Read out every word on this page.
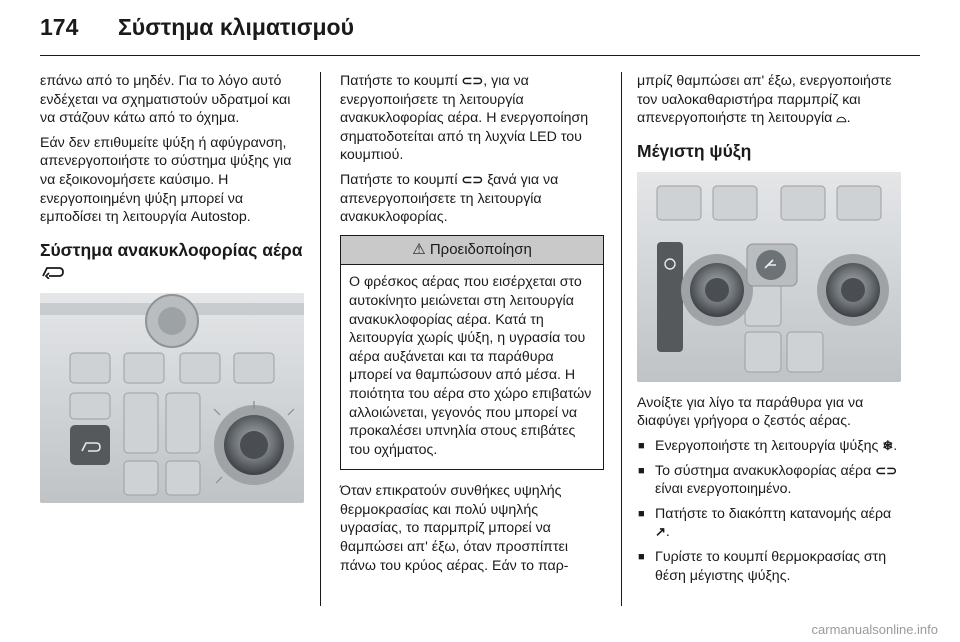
174 Σύστημα κλιματισμού

επάνω από το μηδέν. Για το λόγο αυτό ενδέχεται να σχηματιστούν υδρατμοί και να στάζουν κάτω από το όχημα.

Εάν δεν επιθυμείτε ψύξη ή αφύγρανση, απενεργοποιήστε το σύστημα ψύξης για να εξοικονομήσετε καύσιμο. Η ενεργοποιημένη ψύξη μπορεί να εμποδίσει τη λειτουργία Autostop.

Σύστημα ανακυκλοφορίας αέρα

Πατήστε το κουμπί ⊂⊃, για να ενεργοποιήσετε τη λειτουργία ανακυκλοφορίας αέρα. Η ενεργοποίηση σηματοδοτείται από τη λυχνία LED του κουμπιού.

Πατήστε το κουμπί ⊂⊃ ξανά για να απενεργοποιήσετε τη λειτουργία ανακυκλοφορίας.

⚠ Προειδοποίηση
Ο φρέσκος αέρας που εισέρχεται στο αυτοκίνητο μειώνεται στη λειτουργία ανακυκλοφορίας αέρα. Κατά τη λειτουργία χωρίς ψύξη, η υγρασία του αέρα αυξάνεται και τα παράθυρα μπορεί να θαμπώσουν από μέσα. Η ποιότητα του αέρα στο χώρο επιβατών αλλοιώνεται, γεγονός που μπορεί να προκαλέσει υπνηλία στους επιβάτες του οχήματος.

Όταν επικρατούν συνθήκες υψηλής θερμοκρασίας και πολύ υψηλής υγρασίας, το παρμπρίζ μπορεί να θαμπώσει απ' έξω, όταν προσπίπτει πάνω του κρύος αέρας. Εάν το παρ-

μπρίζ θαμπώσει απ' έξω, ενεργοποιήστε τον υαλοκαθαριστήρα παρμπρίζ και απενεργοποιήστε τη λειτουργία ⌓.

Μέγιστη ψύξη

Ανοίξτε για λίγο τα παράθυρα για να διαφύγει γρήγορα ο ζεστός αέρας.

■ Ενεργοποιήστε τη λειτουργία ψύξης ❄.
■ Το σύστημα ανακυκλοφορίας αέρα ⊂⊃ είναι ενεργοποιημένο.
■ Πατήστε το διακόπτη κατανομής αέρα ↗.
■ Γυρίστε το κουμπί θερμοκρασίας στη θέση μέγιστης ψύξης.
carmanualsonline.info
